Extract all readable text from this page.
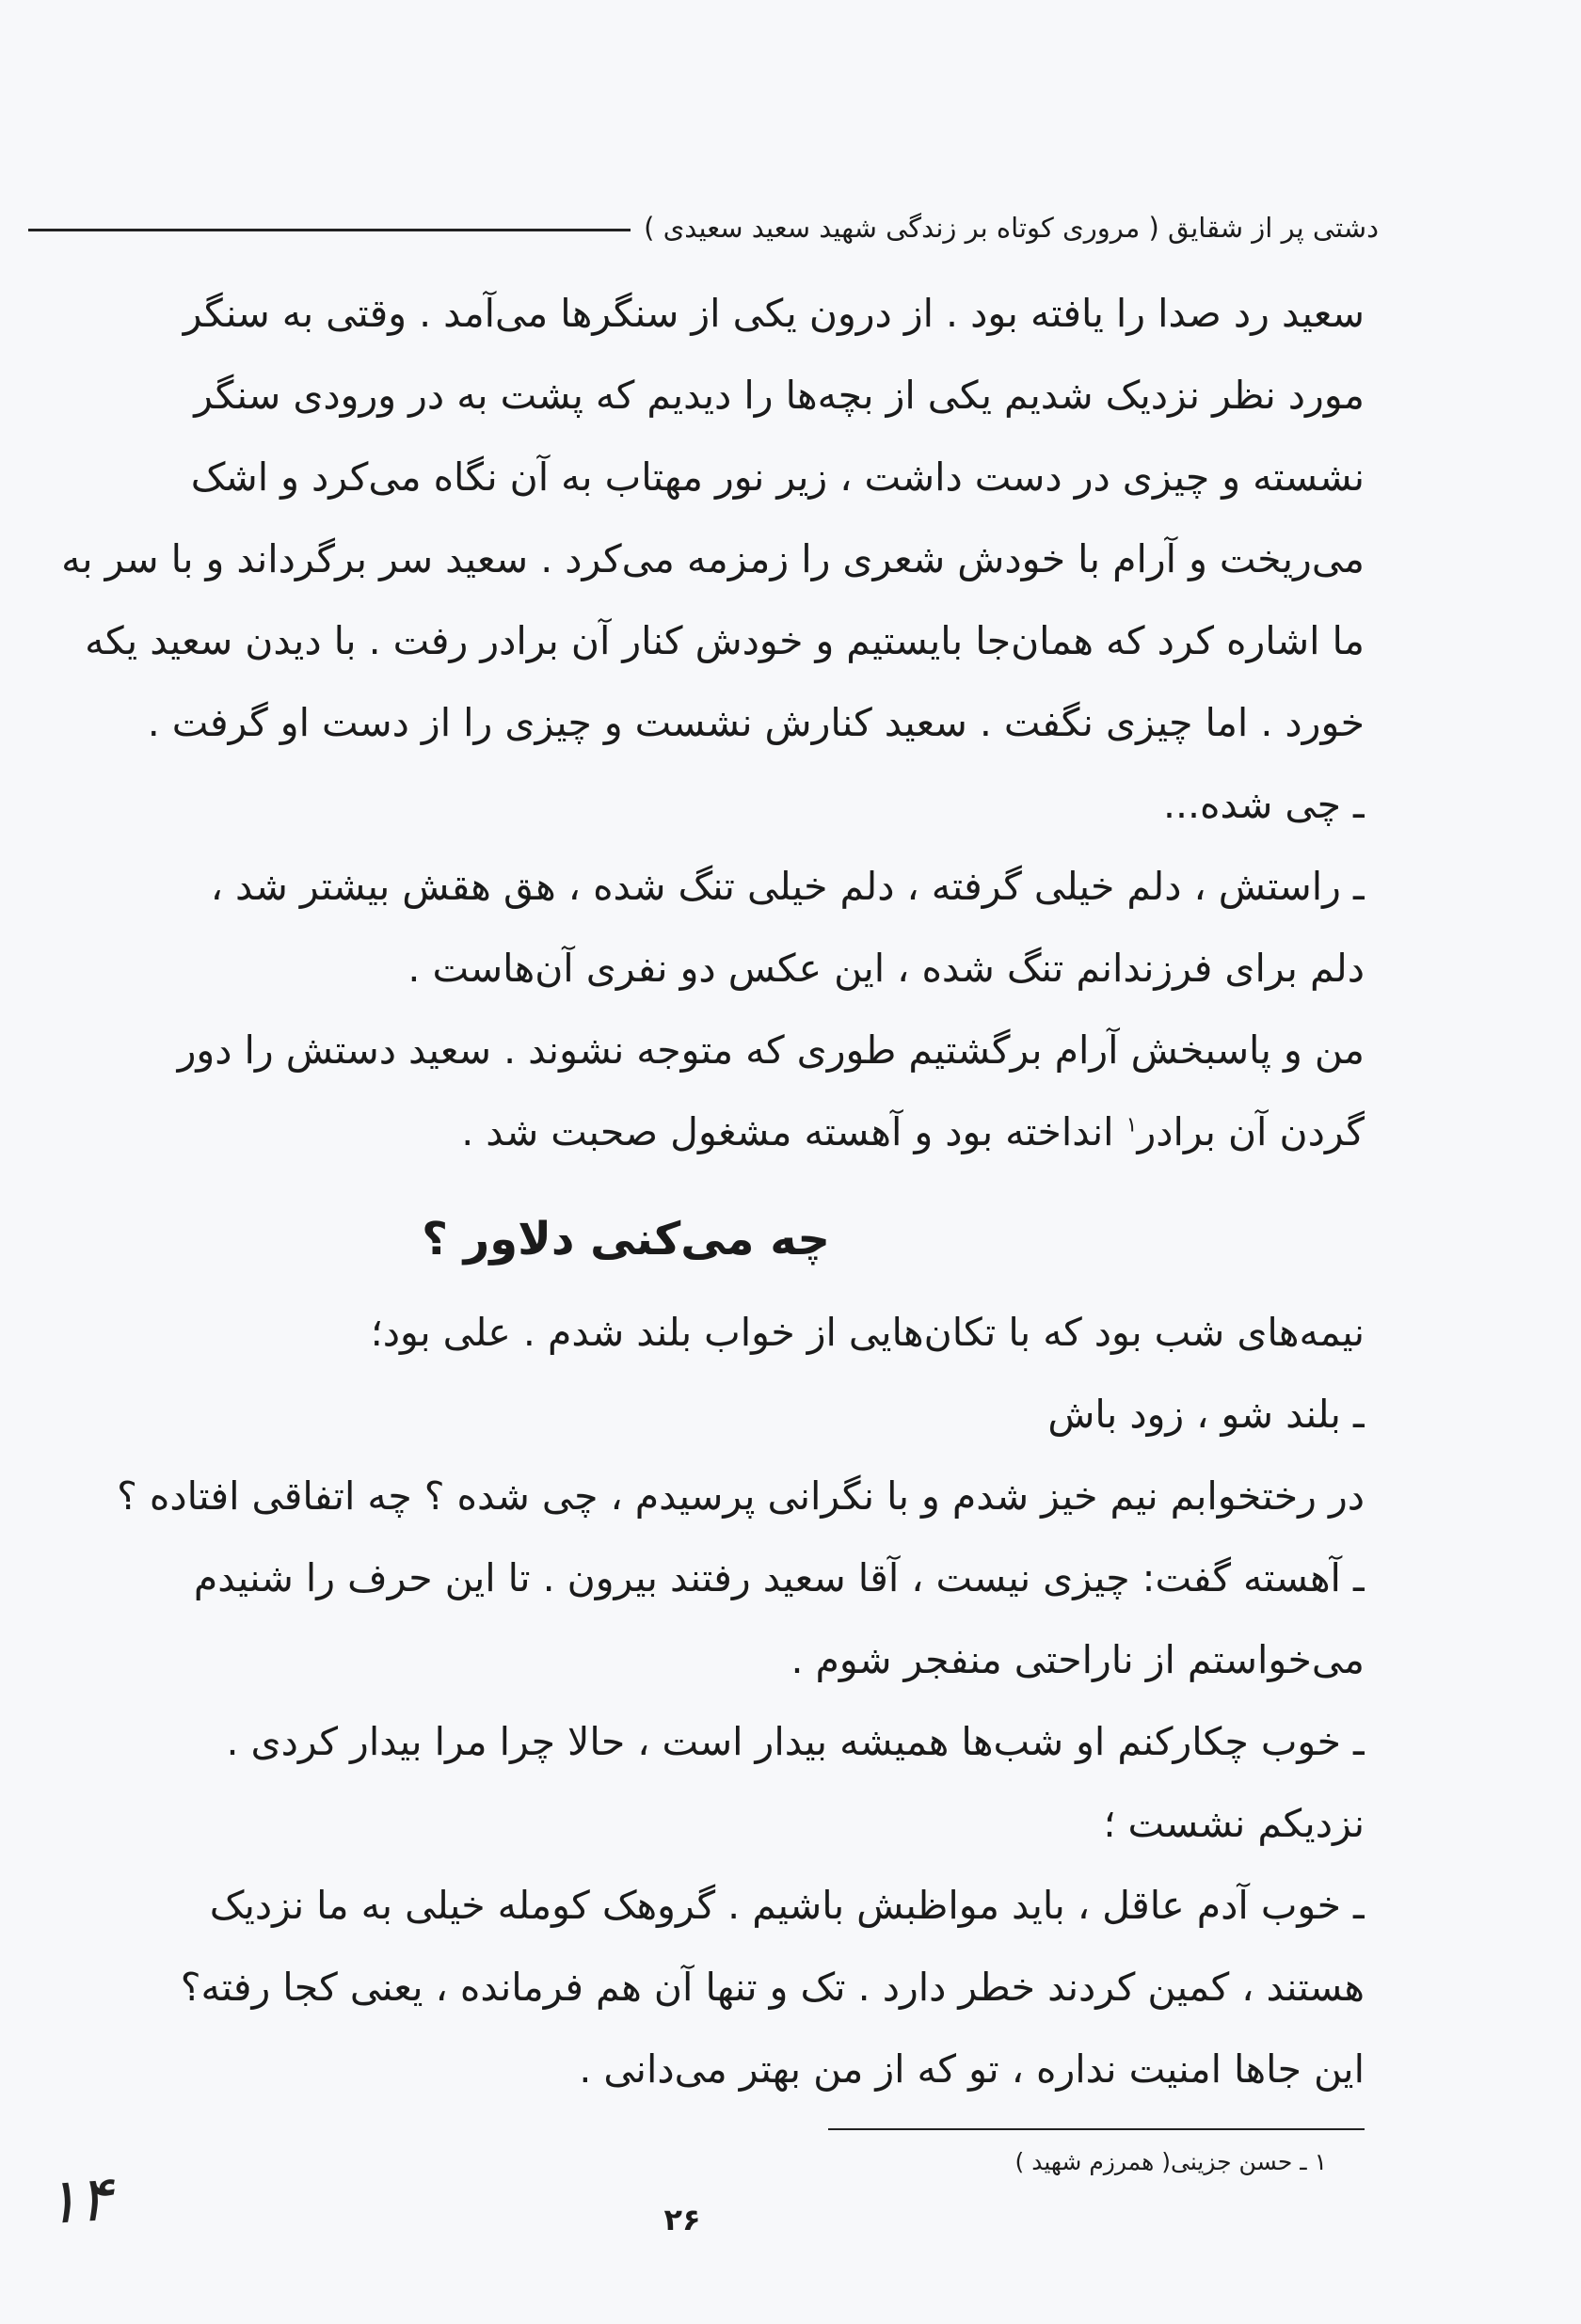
دشتی پر از شقایق ( مروری کوتاه بر زندگی شهید سعید سعیدی )
سعید رد صدا را یافته بود . از درون یکی از سنگرها می‌آمد . وقتی به سنگر
مورد نظر نزدیک شدیم یکی از بچه‌ها را دیدیم که پشت به در ورودی سنگر
نشسته و چیزی در دست داشت ، زیر نور مهتاب به آن نگاه می‌کرد و اشک
می‌ریخت و آرام با خودش شعری را زمزمه می‌کرد . سعید سر برگرداند و با سر به
ما اشاره کرد که همان‌جا بایستیم و خودش کنار آن برادر رفت . با دیدن سعید یکه
خورد . اما چیزی نگفت . سعید کنارش نشست و چیزی را از دست او گرفت .
ـ چی شده...
ـ راستش ، دلم خیلی گرفته ، دلم خیلی تنگ شده ، هق هقش بیشتر شد ،
دلم برای فرزندانم تنگ شده ، این عکس دو نفری آن‌هاست .
من و پاسبخش آرام برگشتیم طوری که متوجه نشوند . سعید دستش را دور
گردن آن برادر$^۱$ انداخته بود و آهسته مشغول صحبت شد .
چه می‌کنی دلاور ؟
نیمه‌های شب بود که با تکان‌هایی از خواب بلند شدم . علی بود؛
ـ بلند شو ، زود باش
در رختخوابم نیم خیز شدم و با نگرانی پرسیدم ، چی شده ؟ چه اتفاقی افتاده ؟
ـ آهسته گفت: چیزی نیست ، آقا سعید رفتند بیرون . تا این حرف را شنیدم
می‌خواستم از ناراحتی منفجر شوم .
ـ خوب چکارکنم او شب‌ها همیشه بیدار است ، حالا چرا مرا بیدار کردی .
نزدیکم نشست ؛
ـ خوب آدم عاقل ، باید مواظبش باشیم . گروهک کومله خیلی به ما نزدیک
هستند ، کمین کردند خطر دارد . تک و تنها آن هم فرمانده ، یعنی کجا رفته؟
این جاها امنیت نداره ، تو که از من بهتر می‌دانی .
۱ ـ حسن جزینی( همرزم شهید )
۲۶
۱۴
